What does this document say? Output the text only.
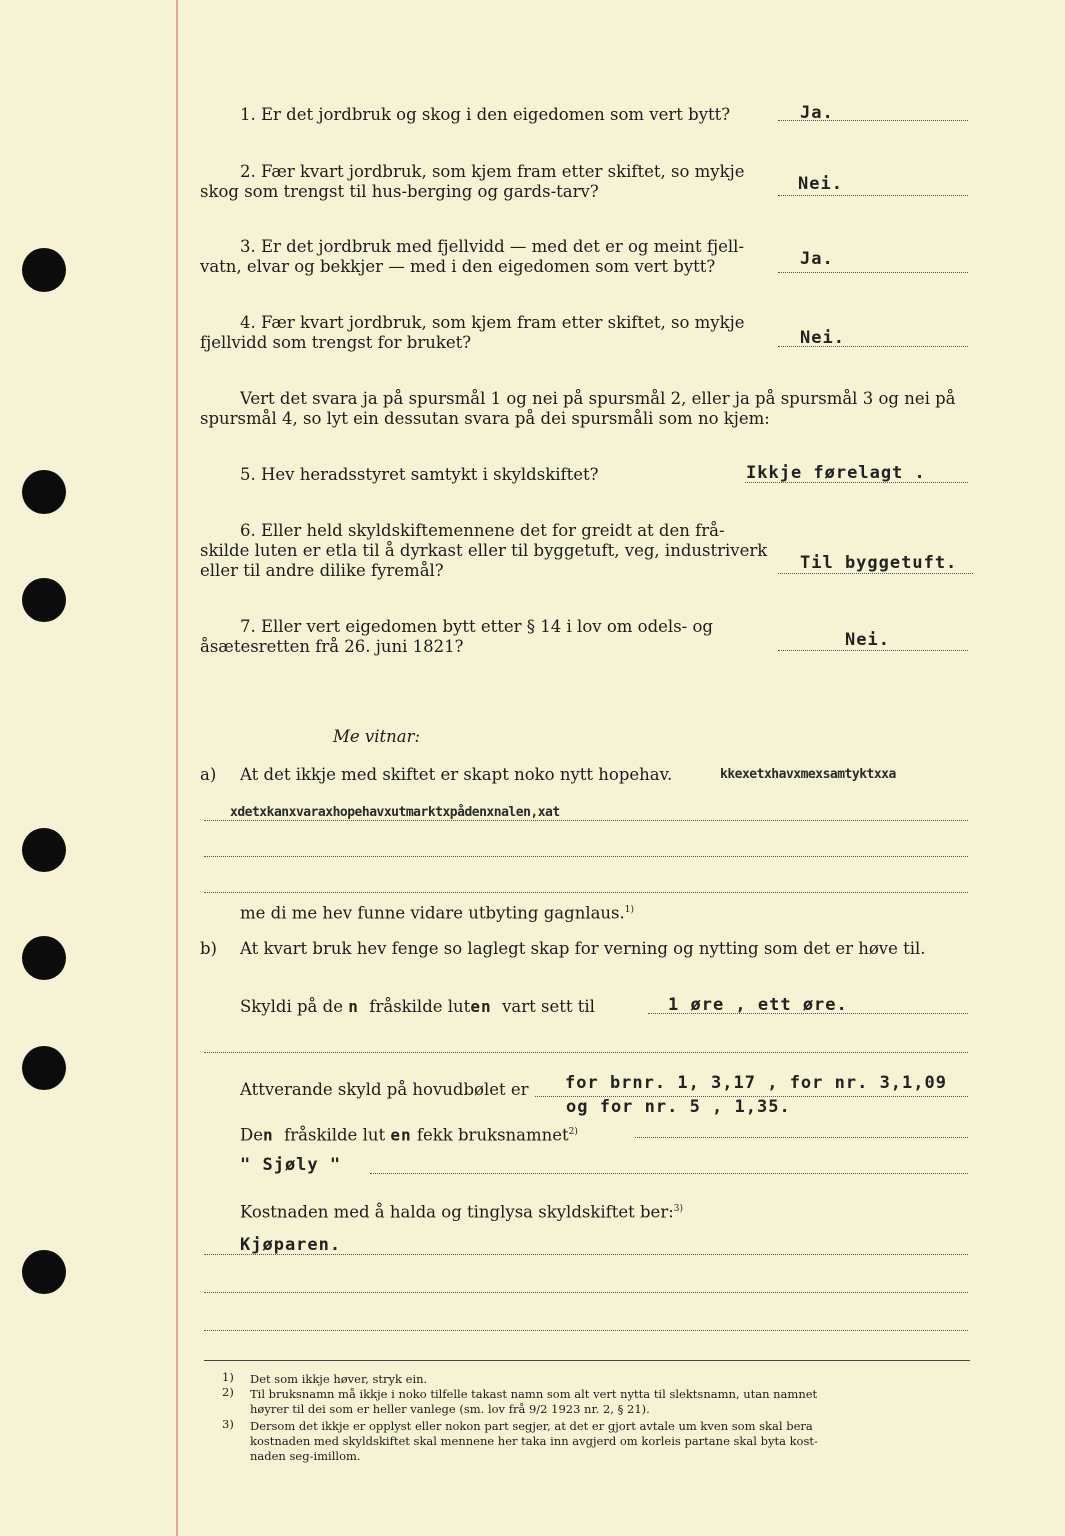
1. Er det jordbruk og skog i den eigedomen som vert bytt?	Ja.
2. Fær kvart jordbruk, som kjem fram etter skiftet, so mykje
skog som trengst til hus-berging og gards-tarv?	Nei.
3. Er det jordbruk med fjellvidd — med det er og meint fjell-
vatn, elvar og bekkjer — med i den eigedomen som vert bytt?	Ja.
4. Fær kvart jordbruk, som kjem fram etter skiftet, so mykje
fjellvidd som trengst for bruket?	Nei.
Vert det svara ja på spursmål 1 og nei på spursmål 2, eller ja på spursmål 3 og nei på
spursmål 4, so lyt ein dessutan svara på dei spursmåli som no kjem:
5. Hev heradsstyret samtykt i skyldskiftet?	Ikkje førelagt .
6. Eller held skyldskiftemennene det for greidt at den frå-
skilde luten er etla til å dyrkast eller til byggetuft, veg, industriverk
eller til andre dilike fyremål?	Til byggetuft.
7. Eller vert eigedomen bytt etter § 14 i lov om odels- og
åsætesretten frå 26. juni 1821?	Nei.
Me vitnar:
a) At det ikkje med skiftet er skapt noko nytt hopehav.	kkexetxhavxmexsamtyktxxa
xdetxkanxvaraxhopehavxutmarktxpådenxnalen,xat
me di me hev funne vidare utbyting gagnlaus.$^{1)}$
b) At kvart bruk hev fenge so laglegt skap for verning og nytting som det er høve til.
Skyldi på de n fråskilde luten vart sett til	1 øre , ett øre.
Attverande skyld på hovudbølet er for brnr. 1, 3,17 , for nr. 3,1,09
og for nr. 5 , 1,35.
Den fråskilde lut en fekk bruksnamnet$^{2)}$
" Sjøly "
Kostnaden med å halda og tinglysa skyldskiftet ber:$^{3)}$
Kjøparen.
1) Det som ikkje høver, stryk ein.
2) Til bruksnamn må ikkje i noko tilfelle takast namn som alt vert nytta til slektsnamn, utan namnet
høyrer til dei som er heller vanlege (sm. lov frå 9/2 1923 nr. 2, § 21).
3) Dersom det ikkje er opplyst eller nokon part segjer, at det er gjort avtale um kven som skal bera
kostnaden med skyldskiftet skal mennene her taka inn avgjerd om korleis partane skal byta kost-
naden seg-imillom.
